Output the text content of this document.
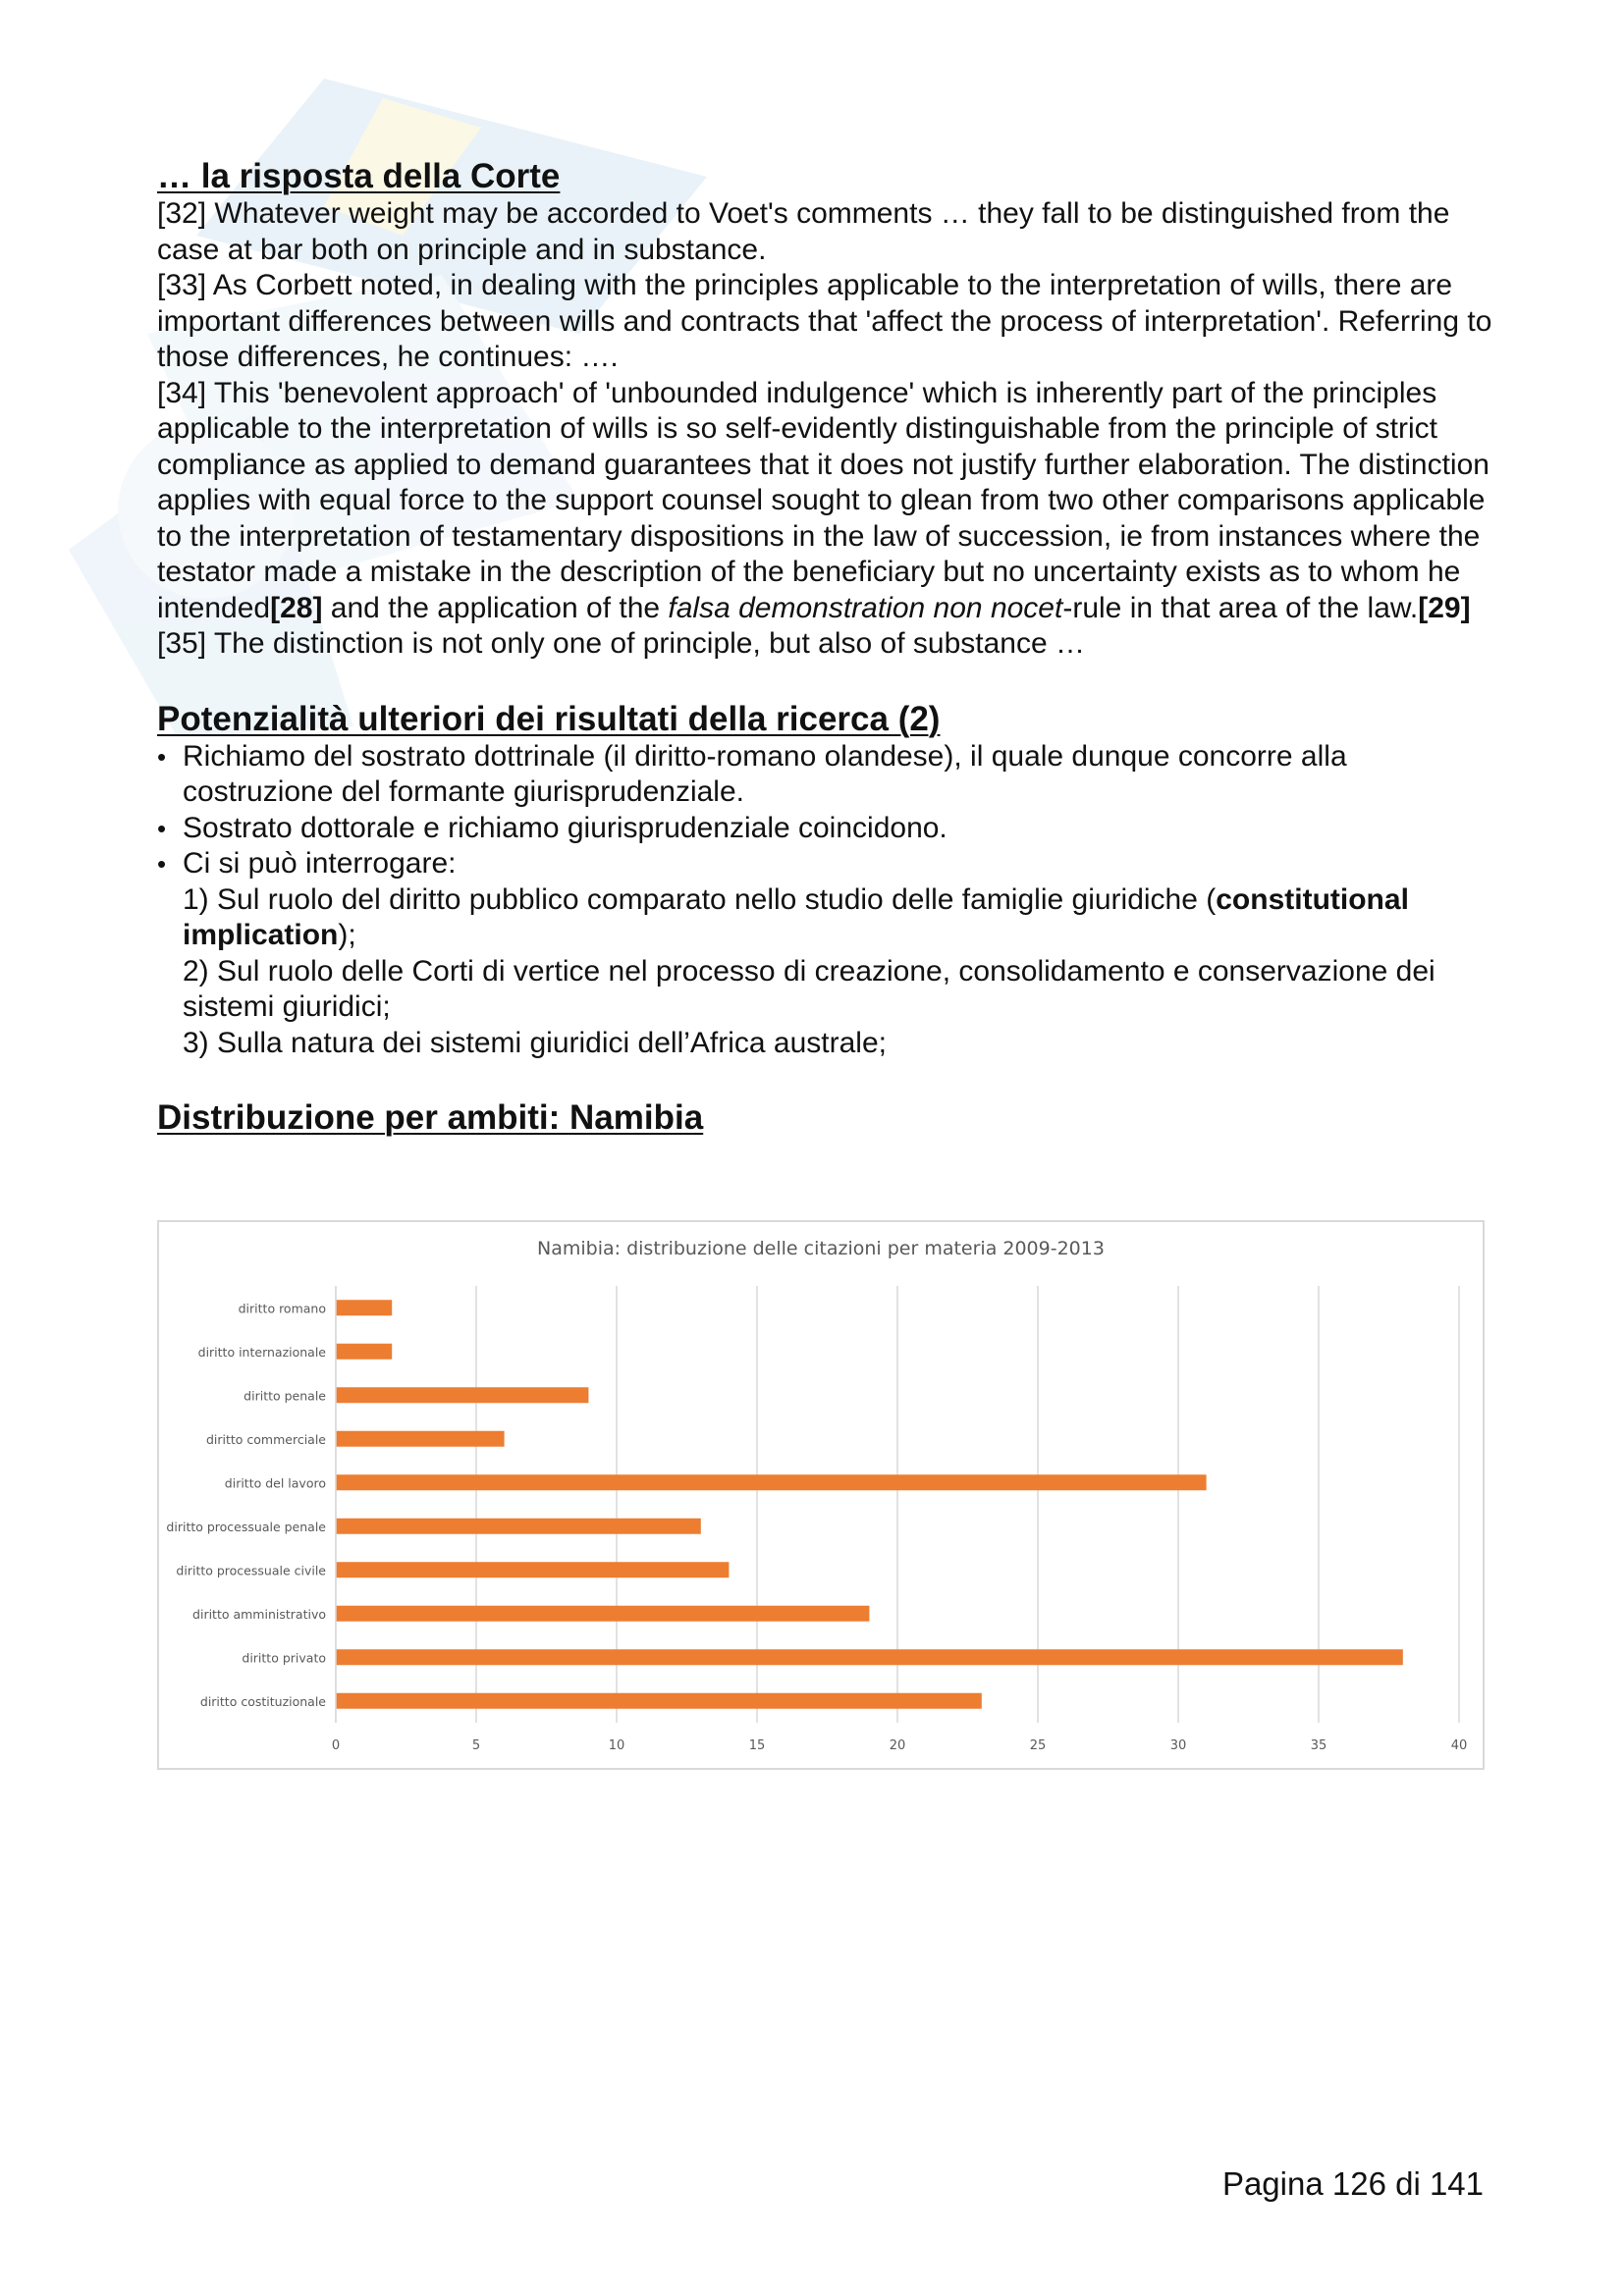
… la risposta della Corte

[32] Whatever weight may be accorded to Voet's comments … they fall to be distinguished from the case at bar both on principle and in substance.

[33] As Corbett noted, in dealing with the principles applicable to the interpretation of wills, there are important differences between wills and contracts that 'affect the process of interpretation'. Referring to those differences, he continues: ….

[34] This 'benevolent approach' of 'unbounded indulgence' which is inherently part of the principles applicable to the interpretation of wills is so self-evidently distinguishable from the principle of strict compliance as applied to demand guarantees that it does not justify further elaboration. The distinction applies with equal force to the support counsel sought to glean from two other comparisons applicable to the interpretation of testamentary dispositions in the law of succession, ie from instances where the testator made a mistake in the description of the beneficiary but no uncertainty exists as to whom he intended[28] and the application of the falsa demonstration non nocet-rule in that area of the law.[29]

[35] The distinction is not only one of principle, but also of substance …

Potenzialità ulteriori dei risultati della ricerca (2)
• Richiamo del sostrato dottrinale (il diritto-romano olandese), il quale dunque concorre alla costruzione del formante giurisprudenziale.
• Sostrato dottorale e richiamo giurisprudenziale coincidono.
• Ci si può interrogare:

1) Sul ruolo del diritto pubblico comparato nello studio delle famiglie giuridiche (constitutional implication);

2) Sul ruolo delle Corti di vertice nel processo di creazione, consolidamento e conservazione dei sistemi giuridici;

3) Sulla natura dei sistemi giuridici dell’Africa australe;

Distribuzione per ambiti: Namibia
Namibia: distribuzione delle citazioni per materia 2009-2013
0	5	10	15	20	25	30	35	40
diritto romano
diritto internazionale
diritto penale
diritto commerciale
diritto del lavoro
diritto processuale penale
diritto processuale civile
diritto amministrativo
diritto privato
diritto costituzionale
Pagina 126 di 141
